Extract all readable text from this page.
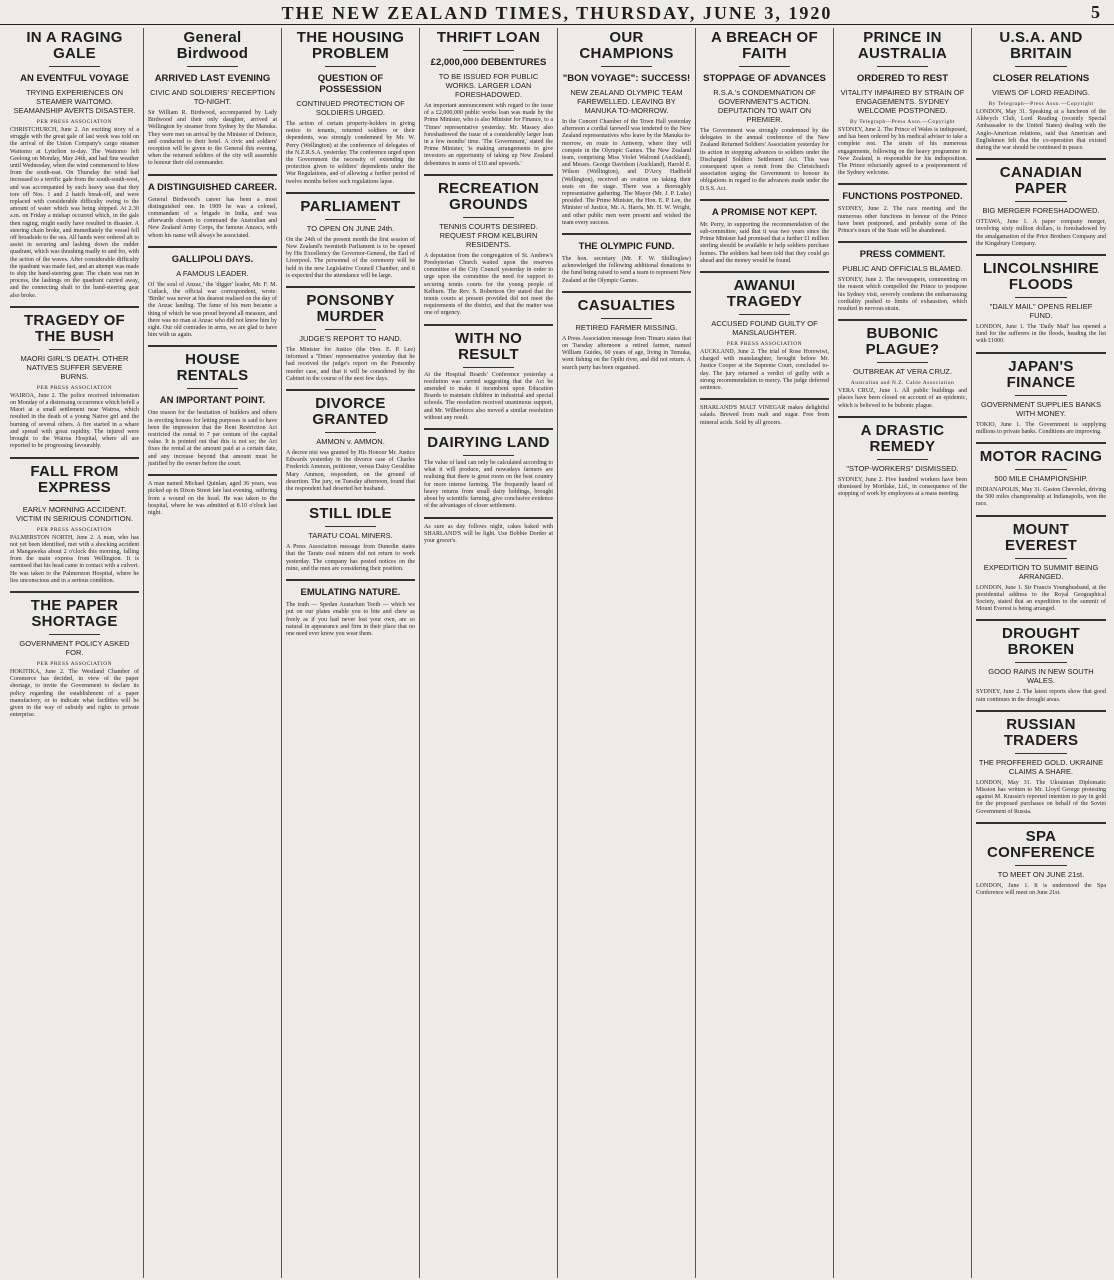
THE NEW ZEALAND TIMES, THURSDAY, JUNE 3, 1920	5
IN A RAGING GALE
AN EVENTFUL VOYAGE
TRYING EXPERIENCES ON STEAMER WAITOMO. SEAMANSHIP AVERTS DISASTER.
PER PRESS ASSOCIATION
CHRISTCHURCH, June 2. An exciting story of a struggle with the great gale of last week was told on the arrival of the Union Company's cargo steamer Waitomo at Lyttelton to-day. The Waitomo left Geelong on Monday, May 24th, and had fine weather until Wednesday, when the wind commenced to blow from the south-east. On Thursday the wind had increased to a terrific gale from the south-south-west, and was accompanied by such heavy seas that they tore off Nos. 1 and 2 hatch break-off, and were replaced with considerable difficulty owing to the amount of water which was being shipped. At 2.30 a.m. on Friday a mishap occurred which, in the gale then raging, might easily have resulted in disaster. A steering chain broke, and immediately the vessel fell off broadside to the sea. All hands were ordered aft to assist in securing and lashing down the rudder quadrant, which was thrashing madly to and fro, with the action of the waves. After considerable difficulty the quadrant was made fast, and an attempt was made to ship the hand-steering gear. The chain was run in process, the lashings on the quadrant carried away, and the connecting shaft to the hand-steering gear also broke.
TRAGEDY OF THE BUSH
MAORI GIRL'S DEATH. OTHER NATIVES SUFFER SEVERE BURNS.
PER PRESS ASSOCIATION
WAIROA, June 2. The police received information on Monday of a distressing occurrence which befell a Maori at a small settlement near Wairoa, which resulted in the death of a young Native girl and the burning of several others. A fire started in a whare and spread with great rapidity. The injured were brought to the Wairoa Hospital, where all are reported to be progressing favourably.
FALL FROM EXPRESS
EARLY MORNING ACCIDENT. VICTIM IN SERIOUS CONDITION.
PER PRESS ASSOCIATION
PALMERSTON NORTH, June 2. A man, who has not yet been identified, met with a shocking accident at Mangaweka about 2 o'clock this morning, falling from the main express from Wellington. It is surmised that his head came in contact with a culvert. He was taken to the Palmerston Hospital, where he lies unconscious and in a serious condition.
THE PAPER SHORTAGE
GOVERNMENT POLICY ASKED FOR.
PER PRESS ASSOCIATION
HOKITIKA, June 2. The Westland Chamber of Commerce has decided, in view of the paper shortage, to invite the Government to declare its policy regarding the establishment of a paper manufactory, or to indicate what facilities will be given in the way of subsidy and rights to private enterprise.
General Birdwood
ARRIVED LAST EVENING
CIVIC AND SOLDIERS' RECEPTION TO-NIGHT.
Sir William R. Birdwood, accompanied by Lady Birdwood and their only daughter, arrived at Wellington by steamer from Sydney by the Manuka. They were met on arrival by the Minister of Defence, and conducted to their hotel. A civic and soldiers' reception will be given to the General this evening, when the returned soldiers of the city will assemble to honour their old commander.
A DISTINGUISHED CAREER.
General Birdwood's career has been a most distinguished one. In 1909 he was a colonel, commandant of a brigade in India, and was afterwards chosen to command the Australian and New Zealand Army Corps, the famous Anzacs, with whom his name will always be associated.
GALLIPOLI DAYS.
A FAMOUS LEADER.
Of 'the soul of Anzac,' the 'digger' leader, Mr. F. M. Cutlack, the official war correspondent, wrote: 'Birdie' was never at his dearest realised on the day of the Anzac landing. The fame of his men became a thing of which he was proud beyond all measure, and there was no man at Anzac who did not know him by sight. Our old comrades in arms, we are glad to have him with us again.
HOUSE RENTALS
AN IMPORTANT POINT.
One reason for the hesitation of builders and others in erecting houses for letting purposes is said to have been the impression that the Rent Restriction Act restricted the rental to 7 per centum of the capital value. It is pointed out that this is not so; the Act fixes the rental at the amount paid at a certain date, and any increase beyond that amount must be justified by the owner before the court.
A man named Michael Quinlan, aged 36 years, was picked up in Dixon Street late last evening, suffering from a wound on the head. He was taken to the hospital, where he was admitted at 8.10 o'clock last night.
THE HOUSING PROBLEM
QUESTION OF POSSESSION
CONTINUED PROTECTION OF SOLDIERS URGED.
The action of certain property-holders in giving notice to tenants, returned soldiers or their dependents, was strongly condemned by Mr. W. Perry (Wellington) at the conference of delegates of the N.Z.R.S.A. yesterday. The conference urged upon the Government the necessity of extending the protection given to soldiers' dependents under the War Regulations, and of allowing a further period of twelve months before such regulations lapse.
PARLIAMENT
TO OPEN ON JUNE 24th.
On the 24th of the present month the first session of New Zealand's twentieth Parliament is to be opened by His Excellency the Governor-General, the Earl of Liverpool. The personnel of the ceremony will be held in the new Legislative Council Chamber, and it is expected that the attendance will be large.
PONSONBY MURDER
JUDGE'S REPORT TO HAND.
The Minister for Justice (the Hon. E. P. Lee) informed a 'Times' representative yesterday that he had received the judge's report on the Ponsonby murder case, and that it will be considered by the Cabinet in the course of the next few days.
DIVORCE GRANTED
AMMON v. AMMON.
A decree nisi was granted by His Honour Mr. Justice Edwards yesterday in the divorce case of Charles Frederick Ammon, petitioner, versus Daisy Geraldine Mary Ammon, respondent, on the ground of desertion. The jury, on Tuesday afternoon, found that the respondent had deserted her husband.
STILL IDLE
TARATU COAL MINERS.
A Press Association message from Dunedin states that the Taratu coal miners did not return to work yesterday. The company has posted notices on the mine, and the men are considering their position.
EMULATING NATURE.
The truth — Spedan Austarlum Teeth — which we put on our plates enable you to bite and chew as freely as if you had never lost your own, are so natural in appearance and firm in their place that no one need ever know you wear them.
THRIFT LOAN
£2,000,000 DEBENTURES
TO BE ISSUED FOR PUBLIC WORKS. LARGER LOAN FORESHADOWED.
An important announcement with regard to the issue of a £2,000,000 public works loan was made by the Prime Minister, who is also Minister for Finance, to a 'Times' representative yesterday. Mr. Massey also foreshadowed the issue of a considerably larger loan in a few months' time. 'The Government,' stated the Prime Minister, 'is making arrangements to give investors an opportunity of taking up New Zealand debentures in sums of £10 and upwards.'
RECREATION GROUNDS
TENNIS COURTS DESIRED. REQUEST FROM KELBURN RESIDENTS.
A deputation from the congregation of St. Andrew's Presbyterian Church waited upon the reserves committee of the City Council yesterday in order to urge upon the committee the need for support to securing tennis courts for the young people of Kelburn. The Rev. S. Robertson Orr stated that the tennis courts at present provided did not meet the requirements of the district, and that the matter was one of urgency.
WITH NO RESULT
At the Hospital Boards' Conference yesterday a resolution was carried suggesting that the Act be amended to make it incumbent upon Education Boards to maintain children in industrial and special schools. The resolution received unanimous support, and Mr. Wilberforce also moved a similar resolution without any result.
DAIRYING LAND
The value of land can only be calculated according to what it will produce, and nowadays farmers are realising that there is great room on the best country for more intense farming. The frequently heard of heavy returns from small dairy holdings, brought about by scientific farming, give conclusive evidence of the advantages of closer settlement.
As sure as day follows night, cakes baked with SHARLAND'S will be light. Use Bobbie Dorder at your grocer's.
OUR CHAMPIONS
"BON VOYAGE": SUCCESS!
NEW ZEALAND OLYMPIC TEAM FAREWELLED. LEAVING BY MANUKA TO-MORROW.
In the Concert Chamber of the Town Hall yesterday afternoon a cordial farewell was tendered to the New Zealand representatives who leave by the Manuka to-morrow, en route to Antwerp, where they will compete in the Olympic Games. The New Zealand team, comprising Miss Violet Walrond (Auckland), and Messrs. George Davidson (Auckland), Harold E. Wilson (Wellington), and D'Arcy Hadfield (Wellington), received an ovation on taking their seats on the stage. There was a thoroughly representative gathering. The Mayor (Mr. J. P. Luke) presided. The Prime Minister, the Hon. E. P. Lee, the Minister of Justice, Mr. A. Harris, Mr. H. W. Wright, and other public men were present and wished the team every success.
THE OLYMPIC FUND.
The hon. secretary (Mr. F. W. Shillinglaw) acknowledged the following additional donations to the fund being raised to send a team to represent New Zealand at the Olympic Games.
CASUALTIES
RETIRED FARMER MISSING.
A Press Association message from Timaru states that on Tuesday afternoon a retired farmer, named William Guides, 60 years of age, living in Temuka, went fishing on the Opihi river, and did not return. A search party has been organised.
A BREACH OF FAITH
STOPPAGE OF ADVANCES
R.S.A.'s CONDEMNATION OF GOVERNMENT'S ACTION. DEPUTATION TO WAIT ON PREMIER.
The Government was strongly condemned by the delegates to the annual conference of the New Zealand Returned Soldiers' Association yesterday for its action in stopping advances to soldiers under the Discharged Soldiers Settlement Act. This was consequent upon a remit from the Christchurch association urging the Government to honour its obligations in regard to the advances made under the D.S.S. Act.
A PROMISE NOT KEPT.
Mr. Perry, in supporting the recommendation of the sub-committee, said that it was two years since the Prime Minister had promised that a further £1 million sterling should be available to help soldiers purchase homes. The soldiers had been told that they could go ahead and the money would be found.
AWANUI TRAGEDY
ACCUSED FOUND GUILTY OF MANSLAUGHTER.
PER PRESS ASSOCIATION
AUCKLAND, June 2. The trial of Rose Horewiwi, charged with manslaughter, brought before Mr. Justice Cooper at the Supreme Court, concluded to-day. The jury returned a verdict of guilty with a strong recommendation to mercy. The judge deferred sentence.
SHARLAND'S MALT VINEGAR makes delightful salads. Brewed from malt and sugar. Free from mineral acids. Sold by all grocers.
PRINCE IN AUSTRALIA
ORDERED TO REST
VITALITY IMPAIRED BY STRAIN OF ENGAGEMENTS. SYDNEY WELCOME POSTPONED.
By Telegraph—Press Assn.—Copyright
SYDNEY, June 2. The Prince of Wales is indisposed, and has been ordered by his medical adviser to take a complete rest. The strain of his numerous engagements, following on the heavy programme in New Zealand, is responsible for his indisposition. The Prince reluctantly agreed to a postponement of the Sydney welcome.
FUNCTIONS POSTPONED.
SYDNEY, June 2. The race meeting and the numerous other functions in honour of the Prince have been postponed, and probably some of the Prince's tours of the State will be abandoned.
PRESS COMMENT.
PUBLIC AND OFFICIALS BLAMED.
SYDNEY, June 2. The newspapers, commenting on the reason which compelled the Prince to postpone his Sydney visit, severely condemn the embarrassing cordiality pushed to limits of exhaustion, which resulted in nervous strain.
BUBONIC PLAGUE?
OUTBREAK AT VERA CRUZ.
Australian and N.Z. Cable Association
VERA CRUZ, June 1. All public buildings and places have been closed on account of an epidemic, which is believed to be bubonic plague.
A DRASTIC REMEDY
"STOP-WORKERS" DISMISSED.
SYDNEY, June 2. Five hundred workers have been dismissed by Mortlake, Ltd., in consequence of the stopping of work by employees at a mass meeting.
U.S.A. AND BRITAIN
CLOSER RELATIONS
VIEWS OF LORD READING.
By Telegraph—Press Assn.—Copyright
LONDON, May 31. Speaking at a luncheon of the Aldwych Club, Lord Reading (recently Special Ambassador to the United States) dealing with the Anglo-American relations, said that American and Englishmen felt that the co-operation that existed during the war should be continued in peace.
CANADIAN PAPER
BIG MERGER FORESHADOWED.
OTTAWA, June 1. A paper company merger, involving sixty million dollars, is foreshadowed by the amalgamation of the Price Brothers Company and the Kingsbury Company.
LINCOLNSHIRE FLOODS
"DAILY MAIL" OPENS RELIEF FUND.
LONDON, June 1. The 'Daily Mail' has opened a fund for the sufferers in the floods, heading the list with £1000.
JAPAN'S FINANCE
GOVERNMENT SUPPLIES BANKS WITH MONEY.
TOKIO, June 1. The Government is supplying millions to private banks. Conditions are improving.
MOTOR RACING
500 MILE CHAMPIONSHIP.
INDIANAPOLIS, May 31. Gaston Chevrolet, driving the 500 miles championship at Indianapolis, won the race.
MOUNT EVEREST
EXPEDITION TO SUMMIT BEING ARRANGED.
LONDON, June 1. Sir Francis Younghusband, at the presidential address to the Royal Geographical Society, stated that an expedition to the summit of Mount Everest is being arranged.
DROUGHT BROKEN
GOOD RAINS IN NEW SOUTH WALES.
SYDNEY, June 2. The latest reports show that good rain continues in the drought areas.
RUSSIAN TRADERS
THE PROFFERED GOLD. UKRAINE CLAIMS A SHARE.
LONDON, May 31. The Ukrainian Diplomatic Mission has written to Mr. Lloyd George protesting against M. Krassin's reported intention to pay in gold for the proposed purchases on behalf of the Soviet Government of Russia.
SPA CONFERENCE
TO MEET ON JUNE 21st.
LONDON, June 1. It is understood the Spa Conference will meet on June 21st.
